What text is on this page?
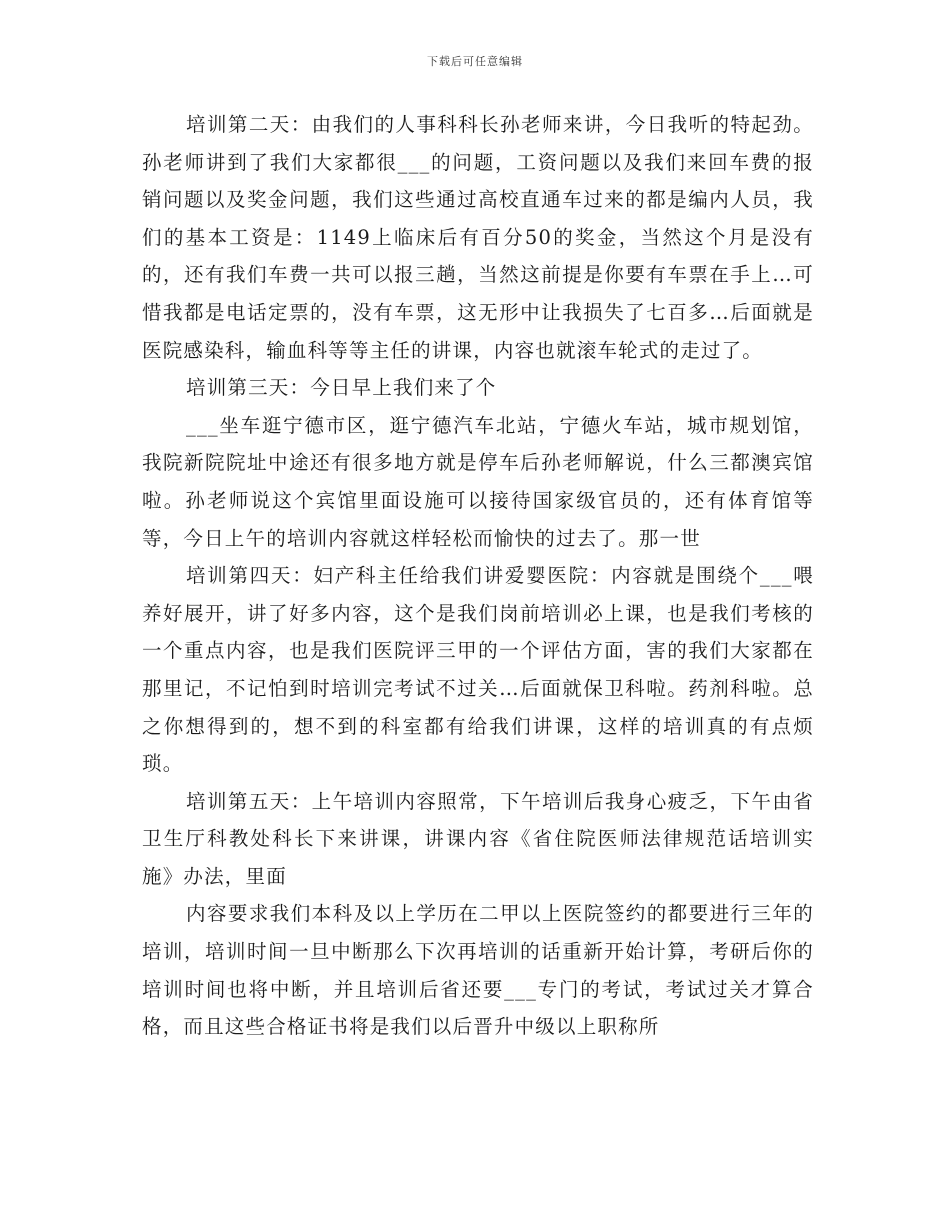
下载后可任意编辑

培训第二天：由我们的人事科科长孙老师来讲，今日我听的特起劲。孙老师讲到了我们大家都很___的问题，工资问题以及我们来回车费的报销问题以及奖金问题，我们这些通过高校直通车过来的都是编内人员，我们的基本工资是：1149上临床后有百分50的奖金，当然这个月是没有的，还有我们车费一共可以报三趟，当然这前提是你要有车票在手上…可惜我都是电话定票的，没有车票，这无形中让我损失了七百多…后面就是医院感染科，输血科等等主任的讲课，内容也就滚车轮式的走过了。

培训第三天：今日早上我们来了个

___坐车逛宁德市区，逛宁德汽车北站，宁德火车站，城市规划馆，我院新院院址中途还有很多地方就是停车后孙老师解说，什么三都澳宾馆啦。孙老师说这个宾馆里面设施可以接待国家级官员的，还有体育馆等等，今日上午的培训内容就这样轻松而愉快的过去了。那一世

培训第四天：妇产科主任给我们讲爱婴医院：内容就是围绕个___喂养好展开，讲了好多内容，这个是我们岗前培训必上课，也是我们考核的一个重点内容，也是我们医院评三甲的一个评估方面，害的我们大家都在那里记，不记怕到时培训完考试不过关…后面就保卫科啦。药剂科啦。总之你想得到的，想不到的科室都有给我们讲课，这样的培训真的有点烦琐。

培训第五天：上午培训内容照常，下午培训后我身心疲乏，下午由省卫生厅科教处科长下来讲课，讲课内容《省住院医师法律规范话培训实施》办法，里面

内容要求我们本科及以上学历在二甲以上医院签约的都要进行三年的培训，培训时间一旦中断那么下次再培训的话重新开始计算，考研后你的培训时间也将中断，并且培训后省还要___专门的考试，考试过关才算合格，而且这些合格证书将是我们以后晋升中级以上职称所
